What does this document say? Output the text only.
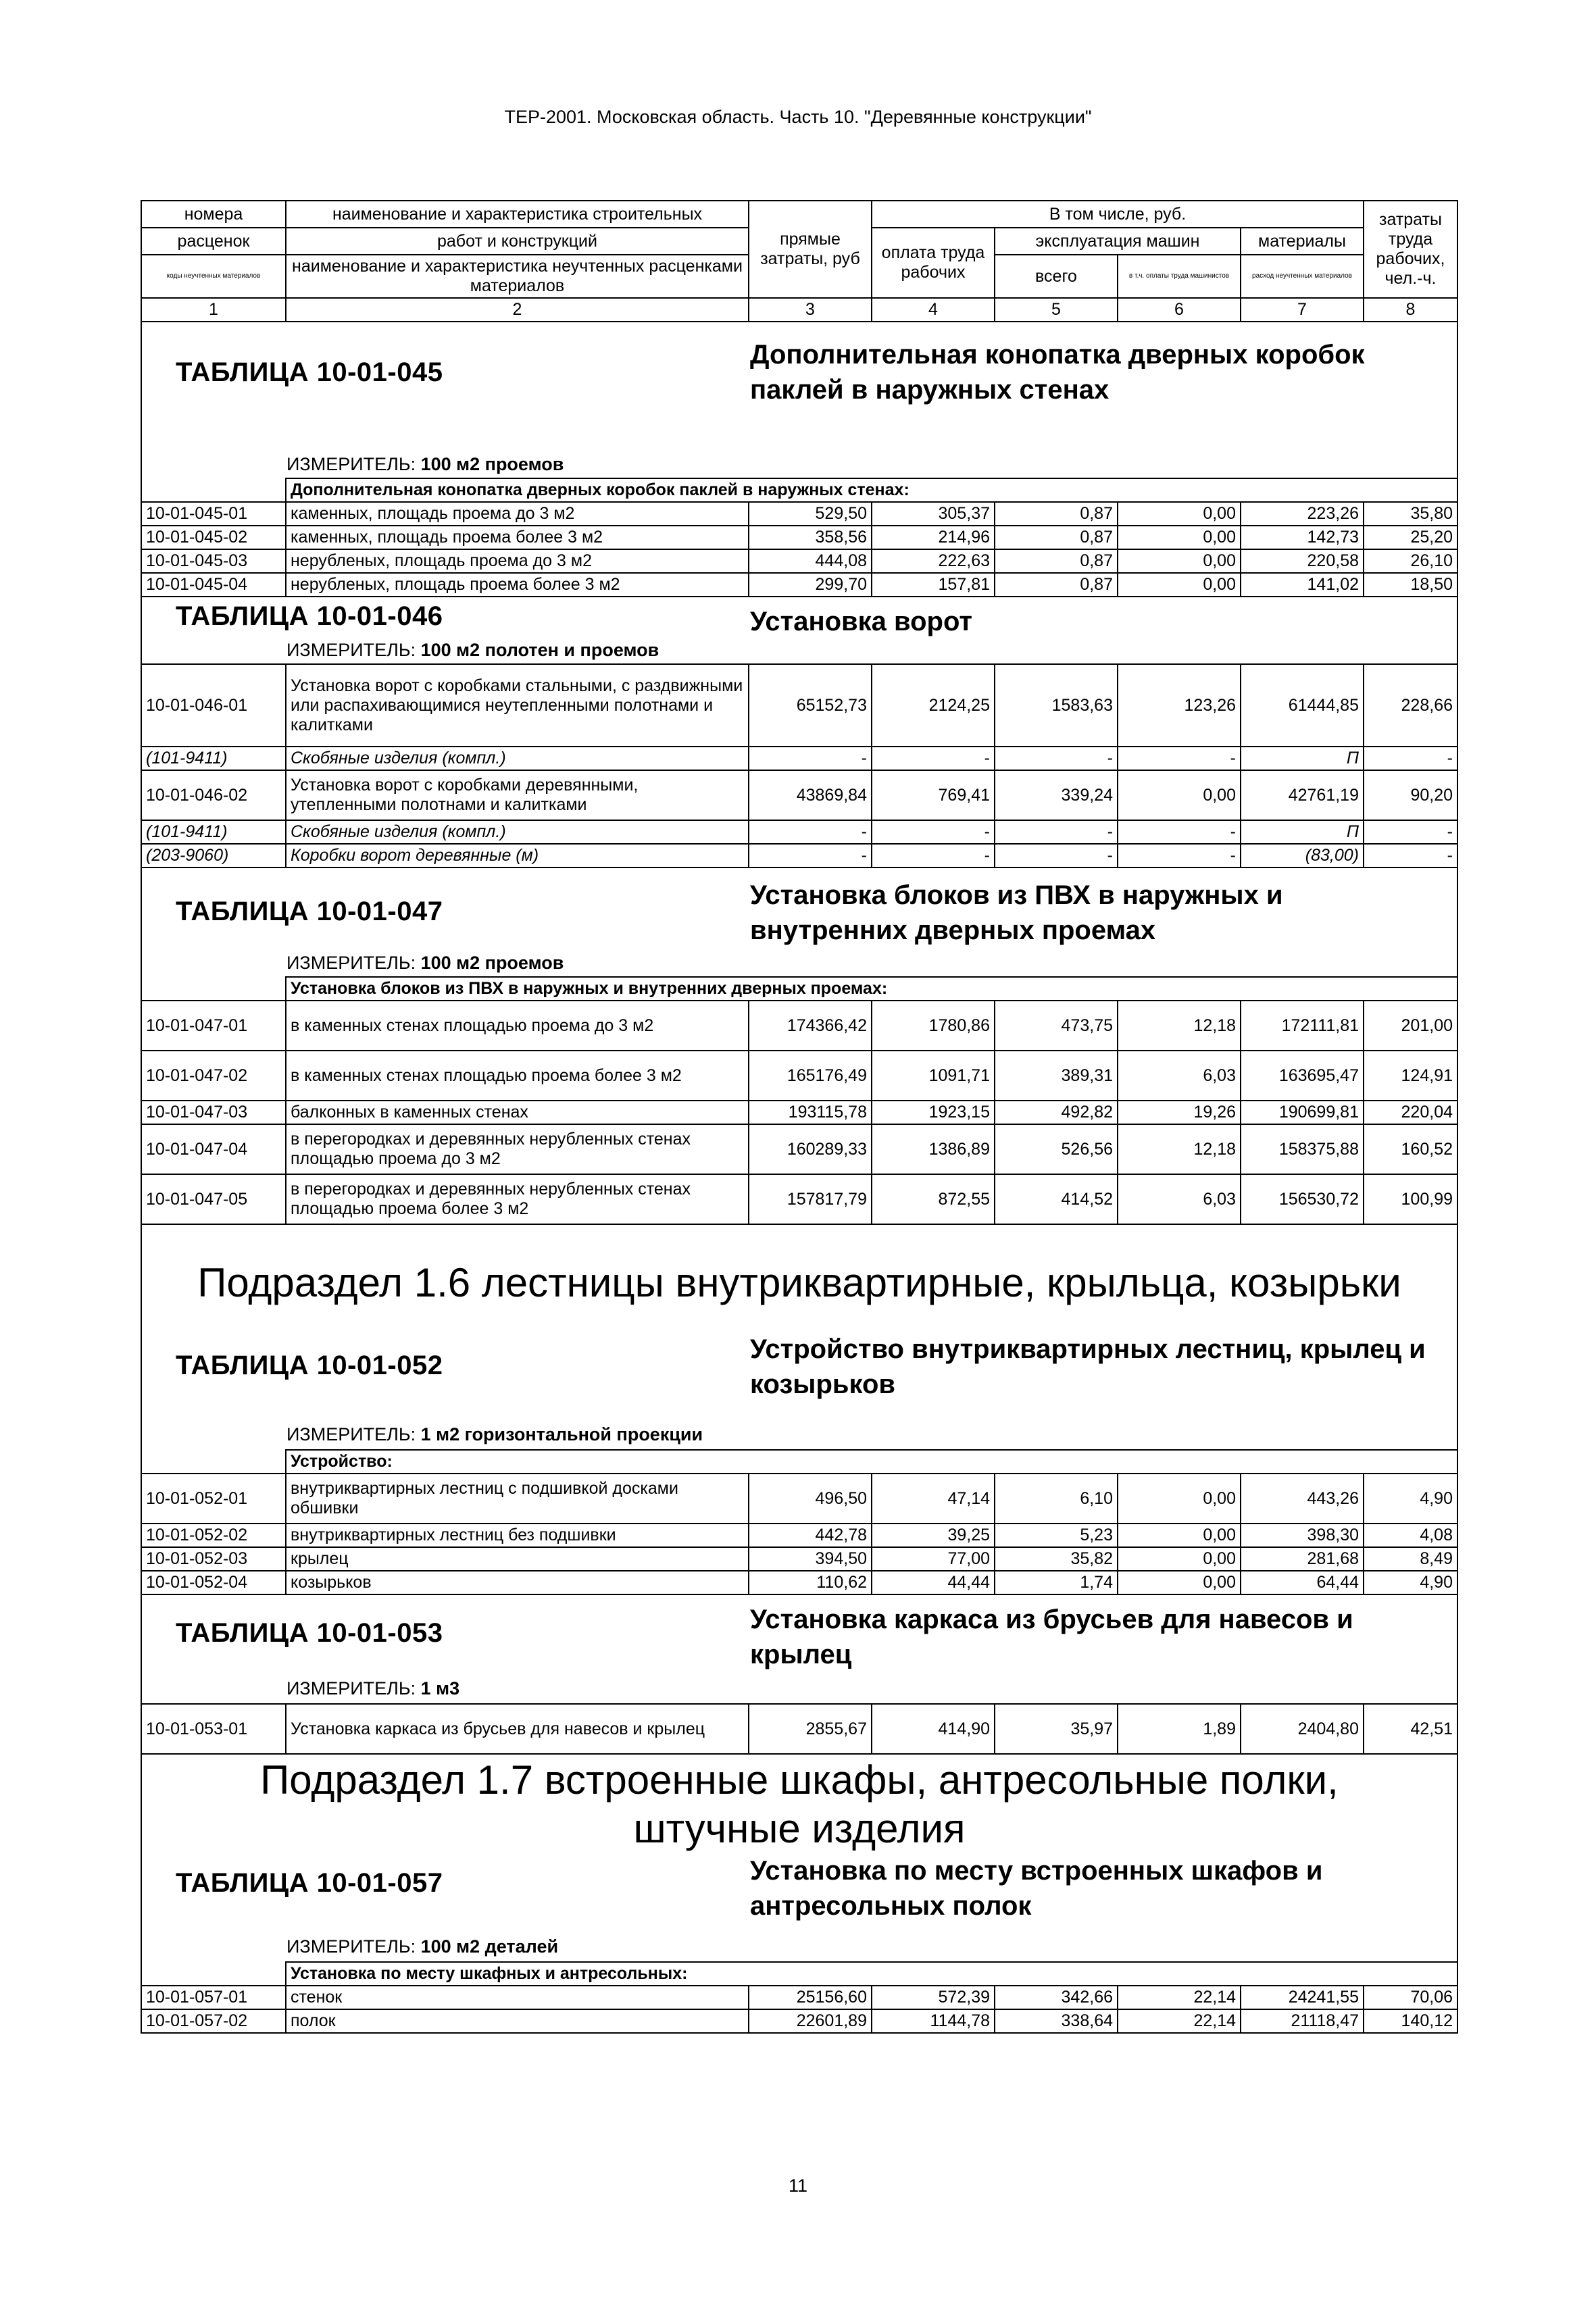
ТЕР-2001. Московская область. Часть 10. "Деревянные конструкции"
номера	наименование и характеристика строительных	прямые затраты, руб	В том числе, руб.				затраты труда рабочих, чел.-ч.
расценок	работ и конструкций		оплата труда рабочих	эксплуатация машин		материалы	
коды неучтенных материалов	наименование и характеристика неучтенных расценками материалов			всего	в т.ч. оплаты труда машинистов	расход неучтенных материалов	
1	2	3	4	5	6	7	8

ТАБЛИЦА 10-01-045
Дополнительная конопатка дверных коробок паклей в наружных стенах
ИЗМЕРИТЕЛЬ: 100 м2 проемов							

	Дополнительная конопатка дверных коробок паклей в наружных стенах:						
10-01-045-01	каменных, площадь проема до 3 м2	529,50	305,37	0,87	0,00	223,26	35,80
10-01-045-02	каменных, площадь проема более 3 м2	358,56	214,96	0,87	0,00	142,73	25,20
10-01-045-03	нерубленых, площадь проема до 3 м2	444,08	222,63	0,87	0,00	220,58	26,10
10-01-045-04	нерубленых, площадь проема более 3 м2	299,70	157,81	0,87	0,00	141,02	18,50

ТАБЛИЦА 10-01-046 Установка ворот
ИЗМЕРИТЕЛЬ: 100 м2 полотен и проемов							

10-01-046-01	Установка ворот с коробками стальными, с раздвижными или распахивающимися неутепленными полотнами и калитками	65152,73	2124,25	1583,63	123,26	61444,85	228,66
(101-9411)	Скобяные изделия (компл.)	-	-	-	-	П	-
10-01-046-02	Установка ворот с коробками деревянными, утепленными полотнами и калитками	43869,84	769,41	339,24	0,00	42761,19	90,20
(101-9411)	Скобяные изделия (компл.)	-	-	-	-	П	-
(203-9060)	Коробки ворот деревянные (м)	-	-	-	-	(83,00)	-

ТАБЛИЦА 10-01-047
Установка блоков из ПВХ в наружных и внутренних дверных проемах
ИЗМЕРИТЕЛЬ: 100 м2 проемов							

	Установка блоков из ПВХ в наружных и внутренних дверных проемах:						
10-01-047-01	в каменных стенах площадью проема до 3 м2	174366,42	1780,86	473,75	12,18	172111,81	201,00
10-01-047-02	в каменных стенах площадью проема более 3 м2	165176,49	1091,71	389,31	6,03	163695,47	124,91
10-01-047-03	балконных в каменных стенах	193115,78	1923,15	492,82	19,26	190699,81	220,04
10-01-047-04	в перегородках и деревянных нерубленных стенах площадью проема до 3 м2	160289,33	1386,89	526,56	12,18	158375,88	160,52
10-01-047-05	в перегородках и деревянных нерубленных стенах площадью проема более 3 м2	157817,79	872,55	414,52	6,03	156530,72	100,99

Подраздел 1.6 лестницы внутриквартирные, крыльца, козырьки
ТАБЛИЦА 10-01-052
Устройство внутриквартирных лестниц, крылец и козырьков
ИЗМЕРИТЕЛЬ: 1 м2 горизонтальной проекции							

	Устройство:						
10-01-052-01	внутриквартирных лестниц с подшивкой досками обшивки	496,50	47,14	6,10	0,00	443,26	4,90
10-01-052-02	внутриквартирных лестниц без подшивки	442,78	39,25	5,23	0,00	398,30	4,08
10-01-052-03	крылец	394,50	77,00	35,82	0,00	281,68	8,49
10-01-052-04	козырьков	110,62	44,44	1,74	0,00	64,44	4,90

ТАБЛИЦА 10-01-053 Установка каркаса из брусьев для навесов и крылец
ИЗМЕРИТЕЛЬ: 1 м3							

10-01-053-01	Установка каркаса из брусьев для навесов и крылец	2855,67	414,90	35,97	1,89	2404,80	42,51

Подраздел 1.7 встроенные шкафы, антресольные полки, штучные изделия
ТАБЛИЦА 10-01-057 Установка по месту встроенных шкафов и антресольных полок
ИЗМЕРИТЕЛЬ: 100 м2 деталей							

	Установка по месту шкафных и антресольных:						
10-01-057-01	стенок	25156,60	572,39	342,66	22,14	24241,55	70,06
10-01-057-02	полок	22601,89	1144,78	338,64	22,14	21118,47	140,12
11
